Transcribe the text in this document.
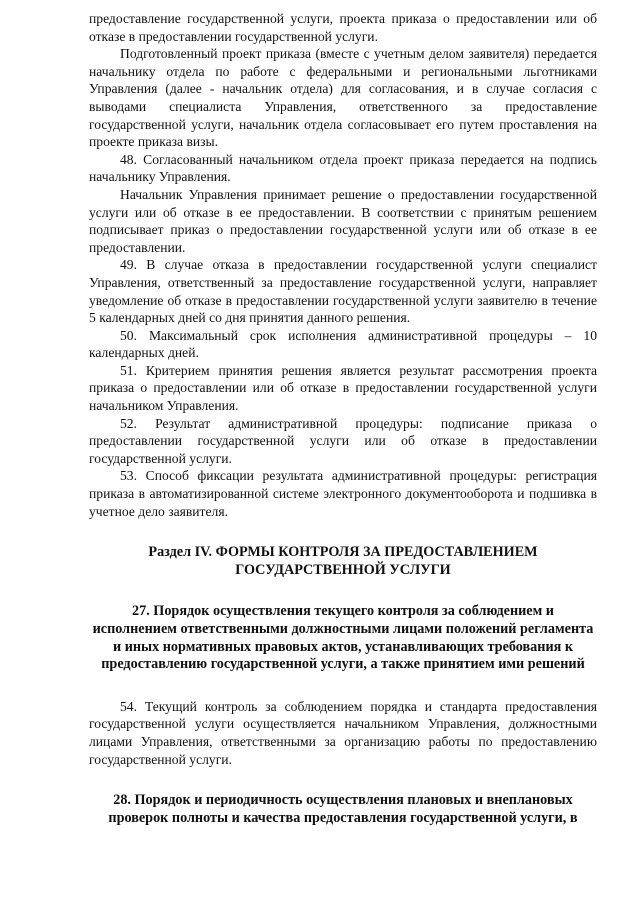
предоставление государственной услуги, проекта приказа о предоставлении или об отказе в предоставлении государственной услуги.

Подготовленный проект приказа (вместе с учетным делом заявителя) передается начальнику отдела по работе с федеральными и региональными льготниками Управления (далее - начальник отдела) для согласования, и в случае согласия с выводами специалиста Управления, ответственного за предоставление государственной услуги, начальник отдела согласовывает его путем проставления на проекте приказа визы.

48. Согласованный начальником отдела проект приказа передается на подпись начальнику Управления.

Начальник Управления принимает решение о предоставлении государственной услуги или об отказе в ее предоставлении. В соответствии с принятым решением подписывает приказ о предоставлении государственной услуги или об отказе в ее предоставлении.

49. В случае отказа в предоставлении государственной услуги специалист Управления, ответственный за предоставление государственной услуги, направляет уведомление об отказе в предоставлении государственной услуги заявителю в течение 5 календарных дней со дня принятия данного решения.

50. Максимальный срок исполнения административной процедуры – 10 календарных дней.

51. Критерием принятия решения является результат рассмотрения проекта приказа о предоставлении или об отказе в предоставлении государственной услуги начальником Управления.

52. Результат административной процедуры: подписание приказа о предоставлении государственной услуги или об отказе в предоставлении государственной услуги.

53. Способ фиксации результата административной процедуры: регистрация приказа в автоматизированной системе электронного документооборота и подшивка в учетное дело заявителя.

Раздел IV. ФОРМЫ КОНТРОЛЯ ЗА ПРЕДОСТАВЛЕНИЕМ
ГОСУДАРСТВЕННОЙ УСЛУГИ
27. Порядок осуществления текущего контроля за соблюдением и исполнением ответственными должностными лицами положений регламента и иных нормативных правовых актов, устанавливающих требования к предоставлению государственной услуги, а также принятием ими решений

54. Текущий контроль за соблюдением порядка и стандарта предоставления государственной услуги осуществляется начальником Управления, должностными лицами Управления, ответственными за организацию работы по предоставлению государственной услуги.

28. Порядок и периодичность осуществления плановых и внеплановых проверок полноты и качества предоставления государственной услуги, в
